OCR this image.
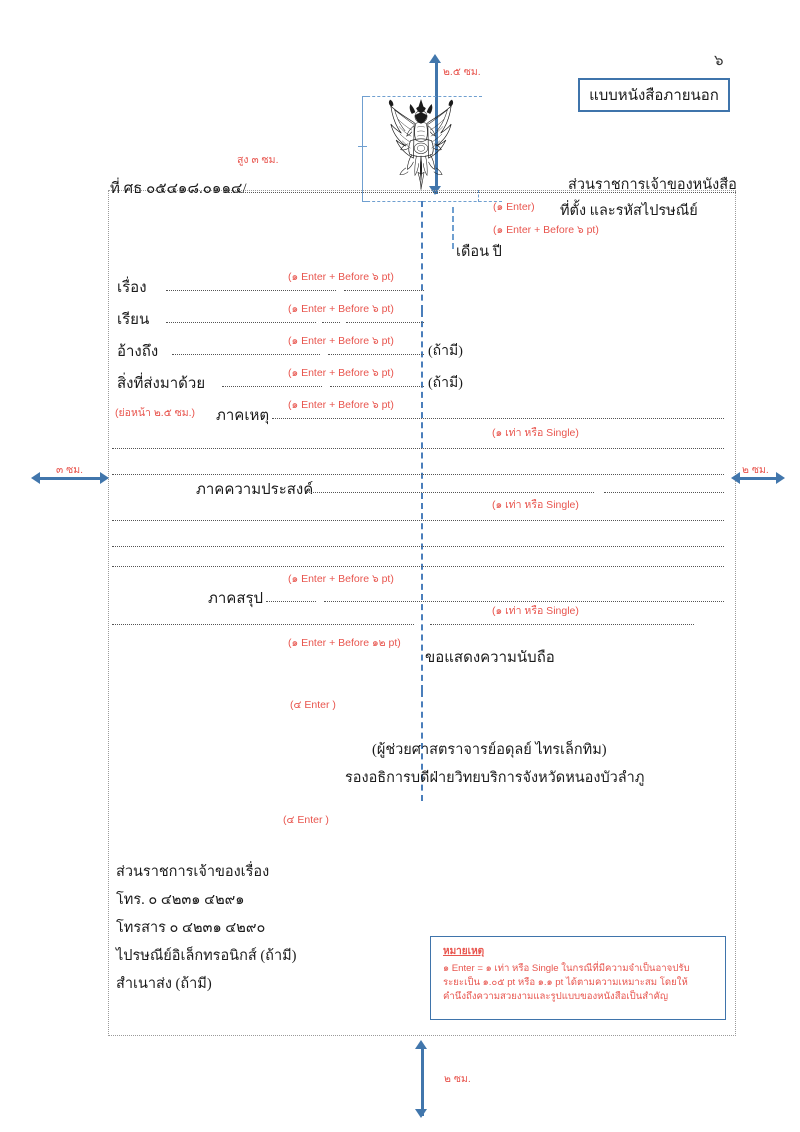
๖
แบบหนังสือภายนอก
๒.๕ ซม.
สูง ๓ ซม.
ที่ ศธ ๐๕๔๑๘.๐๑๑๔/	ส่วนราชการเจ้าของหนังสือ
ที่ตั้ง และรหัสไปรษณีย์
(๑ Enter)
(๑ Enter + Before ๖ pt)
เดือน ปี
(๑ Enter + Before ๖ pt)
เรื่อง
(๑ Enter + Before ๖ pt)
เรียน
(๑ Enter + Before ๖ pt)
อ้างถึง	(ถ้ามี)
(๑ Enter + Before ๖ pt)
สิ่งที่ส่งมาด้วย	(ถ้ามี)
(๑ Enter + Before ๖ pt)
(ย่อหน้า ๒.๕ ซม.) ภาคเหตุ
(๑ เท่า หรือ Single)
ภาคความประสงค์
(๑ เท่า หรือ Single)
(๑ Enter + Before ๖ pt)
ภาคสรุป
(๑ เท่า หรือ Single)
(๑ Enter + Before ๑๒ pt)
ขอแสดงความนับถือ
(๔ Enter )
(ผู้ช่วยศาสตราจารย์อดุลย์ ไทรเล็กทิม)
รองอธิการบดีฝ่ายวิทยบริการจังหวัดหนองบัวลำภู
(๔ Enter )
ส่วนราชการเจ้าของเรื่อง
โทร. ๐ ๔๒๓๑ ๔๒๙๑
โทรสาร ๐ ๔๒๓๑ ๔๒๙๐
ไปรษณีย์อิเล็กทรอนิกส์ (ถ้ามี)
สำเนาส่ง (ถ้ามี)
หมายเหตุ
๑ Enter = ๑ เท่า หรือ Single ในกรณีที่มีความจำเป็นอาจปรับ
ระยะเป็น ๑.๐๕ pt หรือ ๑.๑ pt ได้ตามความเหมาะสม โดยให้
คำนึงถึงความสวยงามและรูปแบบของหนังสือเป็นสำคัญ
๓ ซม.	๒ ซม.
๒ ซม.
